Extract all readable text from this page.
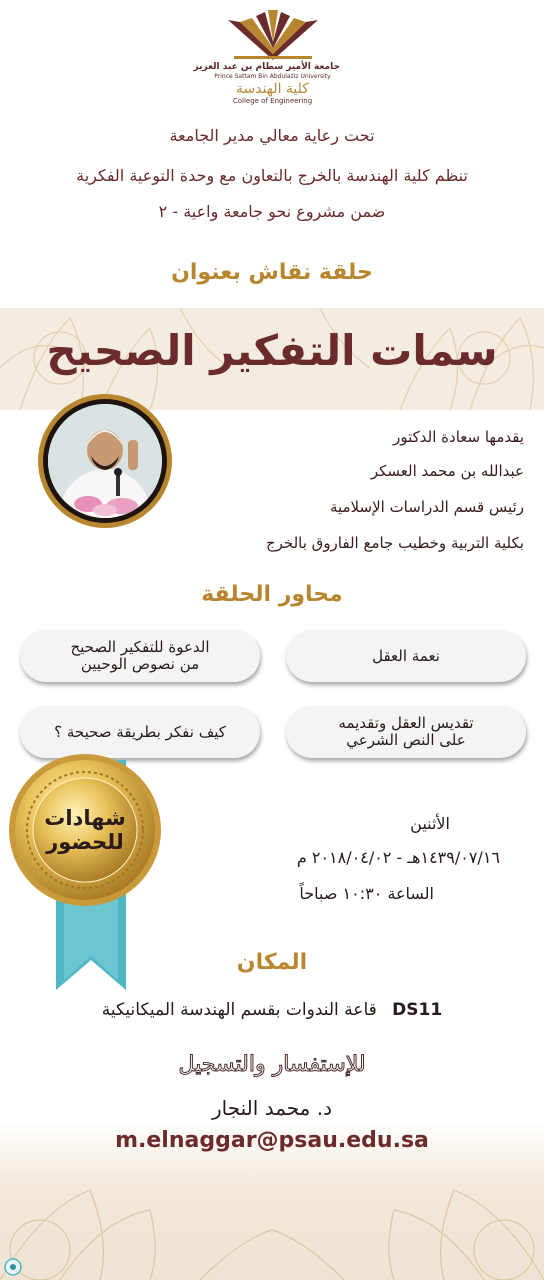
جامعة الأمير سطام بن عبد العزيز
Prince Sattam Bin Abdulaziz University
كلية الهندسة
College of Engineering
تحت رعاية معالي مدير الجامعة
تنظم كلية الهندسة بالخرج بالتعاون مع وحدة التوعية الفكرية
ضمن مشروع نحو جامعة واعية - ٢
حلقة نقاش بعنوان
سمات التفكير الصحيح
يقدمها سعادة الدكتور
عبدالله بن محمد العسكر
رئيس قسم الدراسات الإسلامية
بكلية التربية وخطيب جامع الفاروق بالخرج
محاور الحلقة
نعمة العقل
الدعوة للتفكير الصحيح
من نصوص الوحيين
تقديس العقل وتقديمه
على النص الشرعي
كيف نفكر بطريقة صحيحة ؟
شهادات
للحضور
الأثنين
١٤٣٩/٠٧/١٦هـ - ٢٠١٨/٠٤/٠٢ م
الساعة ١٠:٣٠ صباحاً
المكان
قاعة الندوات بقسم الهندسة الميكانيكية DS11
للإستفسار والتسجيل
د. محمد النجار
m.elnaggar@psau.edu.sa
